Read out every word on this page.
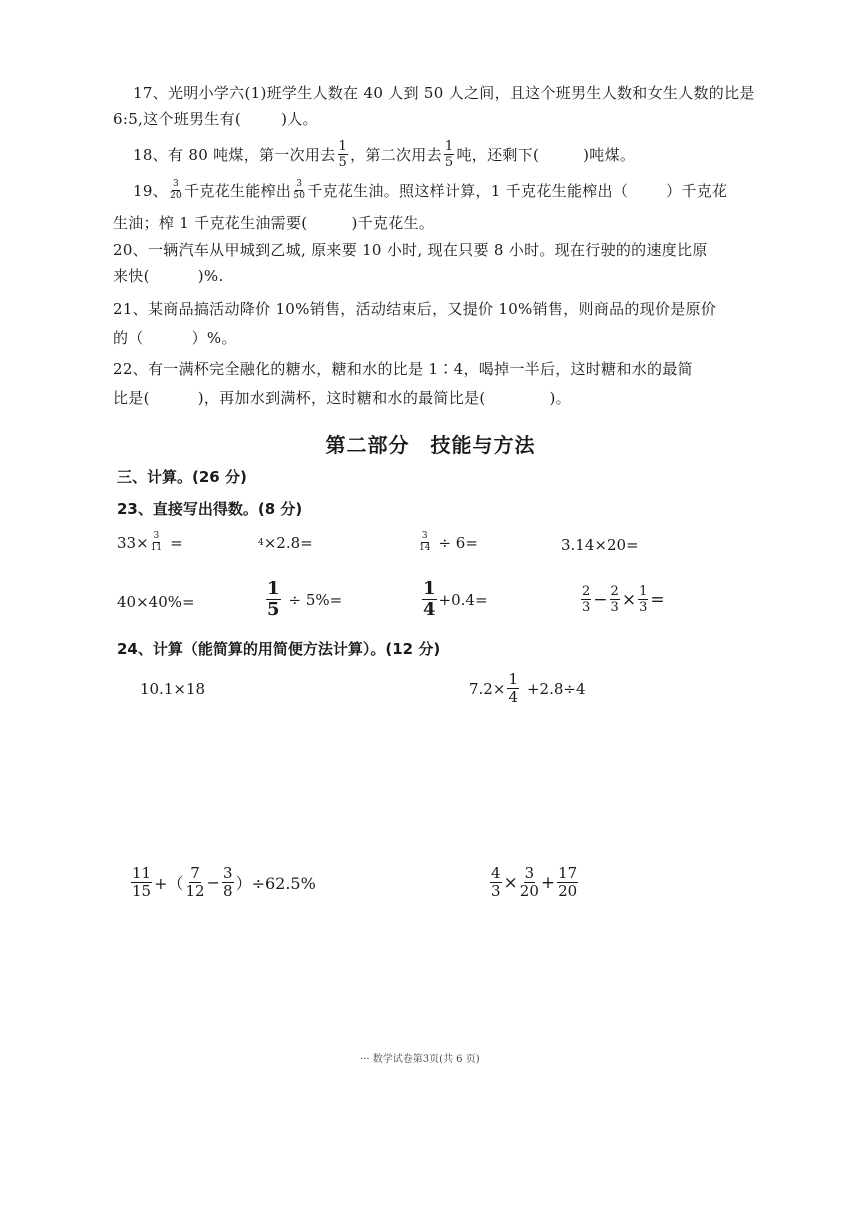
17、光明小学六(1)班学生人数在 40 人到 50 人之间，且这个班男生人数和女生人数的比是
6:5,这个班男生有(	)人。
18、有 80 吨煤，第一次用去 $\frac{1}{5}$ ，第二次用去 $\frac{1}{5}$ 吨，还剩下(	)吨煤。
19、 $\frac{3}{20}$ 千克花生能榨出 $\frac{3}{50}$ 千克花生油。照这样计算，1 千克花生能榨出（	）千克花
生油；榨 1 千克花生油需要(	)千克花生。
20、一辆汽车从甲城到乙城, 原来要 10 小时, 现在只要 8 小时。现在行驶的的速度比原
来快(	)%.
21、某商品搞活动降价 10%销售，活动结束后，又提价 10%销售，则商品的现价是原价
的（	）%。
22、有一满杯完全融化的糖水，糖和水的比是 1∶4，喝掉一半后，这时糖和水的最简
比是(	)，再加水到满杯，这时糖和水的最简比是(	)。
第二部分　技能与方法
三、计算。(26 分)
23、直接写出得数。(8 分)
$33\times \frac{3}{11}$ =	4 ×2.8=	$\frac{3}{14} \div 6=$	3.14×20=
40×40%=	$\frac{1}{5} \div 5\%=$	$\frac{1}{4} +0.4=$	$\frac{2}{3} - \frac{2}{3} \times \frac{1}{3}$ =
24、计算（能简算的用简便方法计算）。(12 分)
10.1×18	$7.2\times \frac{1}{4} +2.8\div 4$
$\frac{11}{15}$ +（ $\frac{7}{12} - \frac{3}{8} )\div 62.5\%$	$\frac{4}{3} \times \frac{3}{20} + \frac{17}{20}$
··· 数学试卷第3页(共 6 页)
